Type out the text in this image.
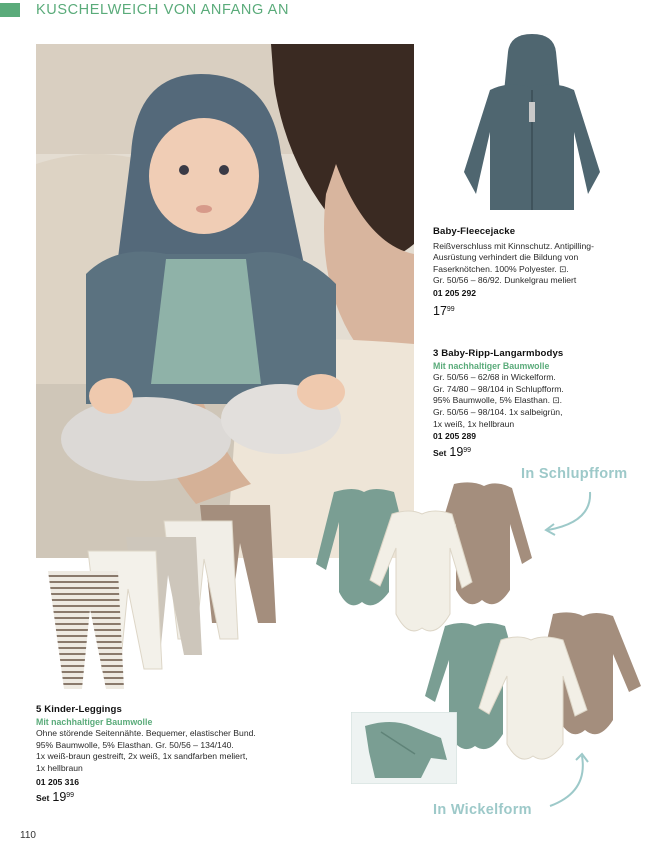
KUSCHELWEICH VON ANFANG AN
Baby-Fleecejacke
Reißverschluss mit Kinnschutz. Antipilling-
Ausrüstung verhindert die Bildung von
Faserknötchen. 100% Polyester. ⊡.
Gr. 50/56 – 86/92. Dunkelgrau meliert
01 205 292
$17^{99}$
3 Baby-Ripp-Langarmbodys
Mit nachhaltiger Baumwolle
Gr. 50/56 – 62/68 in Wickelform.
Gr. 74/80 – 98/104 in Schlupfform.
95% Baumwolle, 5% Elasthan. ⊡.
Gr. 50/56 – 98/104. 1x salbeigrün,
1x weiß, 1x hellbraun
01 205 289
Set $19^{99}$
In Schlupfform
In Wickelform
5 Kinder-Leggings
Mit nachhaltiger Baumwolle
Ohne störende Seitennähte. Bequemer, elastischer Bund.
95% Baumwolle, 5% Elasthan. Gr. 50/56 – 134/140.
1x weiß-braun gestreift, 2x weiß, 1x sandfarben meliert,
1x hellbraun
01 205 316
Set $19^{99}$
110
